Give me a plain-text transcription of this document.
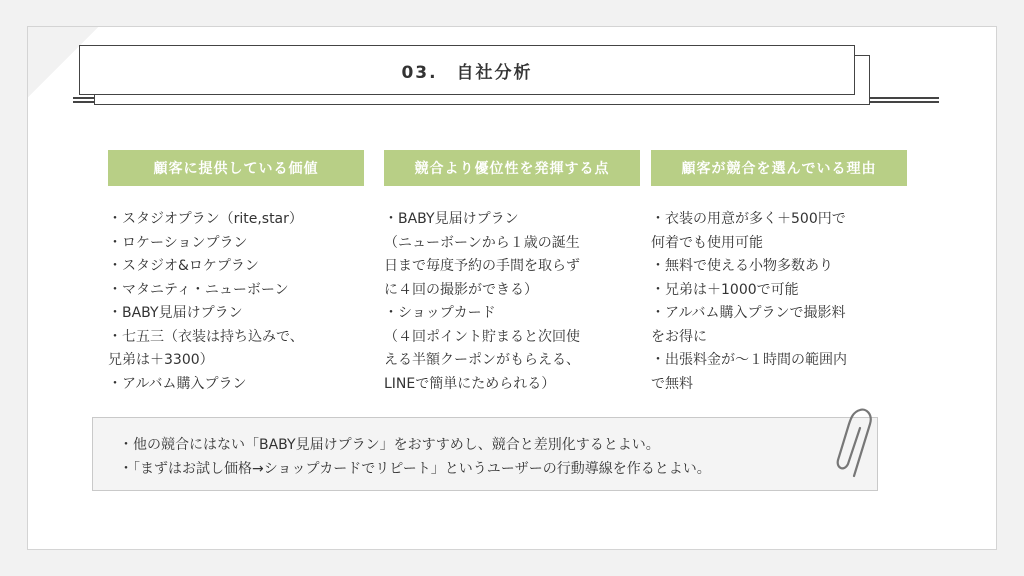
03.　自社分析
顧客に提供している価値
・スタジオプラン（rite,star）
・ロケーションプラン
・スタジオ&ロケプラン
・マタニティ・ニューボーン
・BABY見届けプラン
・七五三（衣装は持ち込みで、
兄弟は＋3300）
・アルバム購入プラン
競合より優位性を発揮する点
・BABY見届けプラン
（ニューボーンから１歳の誕生
日まで毎度予約の手間を取らず
に４回の撮影ができる）
・ショップカード
（４回ポイント貯まると次回使
える半額クーポンがもらえる、
LINEで簡単にためられる）
顧客が競合を選んでいる理由
・衣装の用意が多く＋500円で
何着でも使用可能
・無料で使える小物多数あり
・兄弟は＋1000で可能
・アルバム購入プランで撮影料
をお得に
・出張料金が〜１時間の範囲内
で無料
・他の競合にはない「BABY見届けプラン」をおすすめし、競合と差別化するとよい。
・「まずはお試し価格→ショップカードでリピート」というユーザーの行動導線を作るとよい。
